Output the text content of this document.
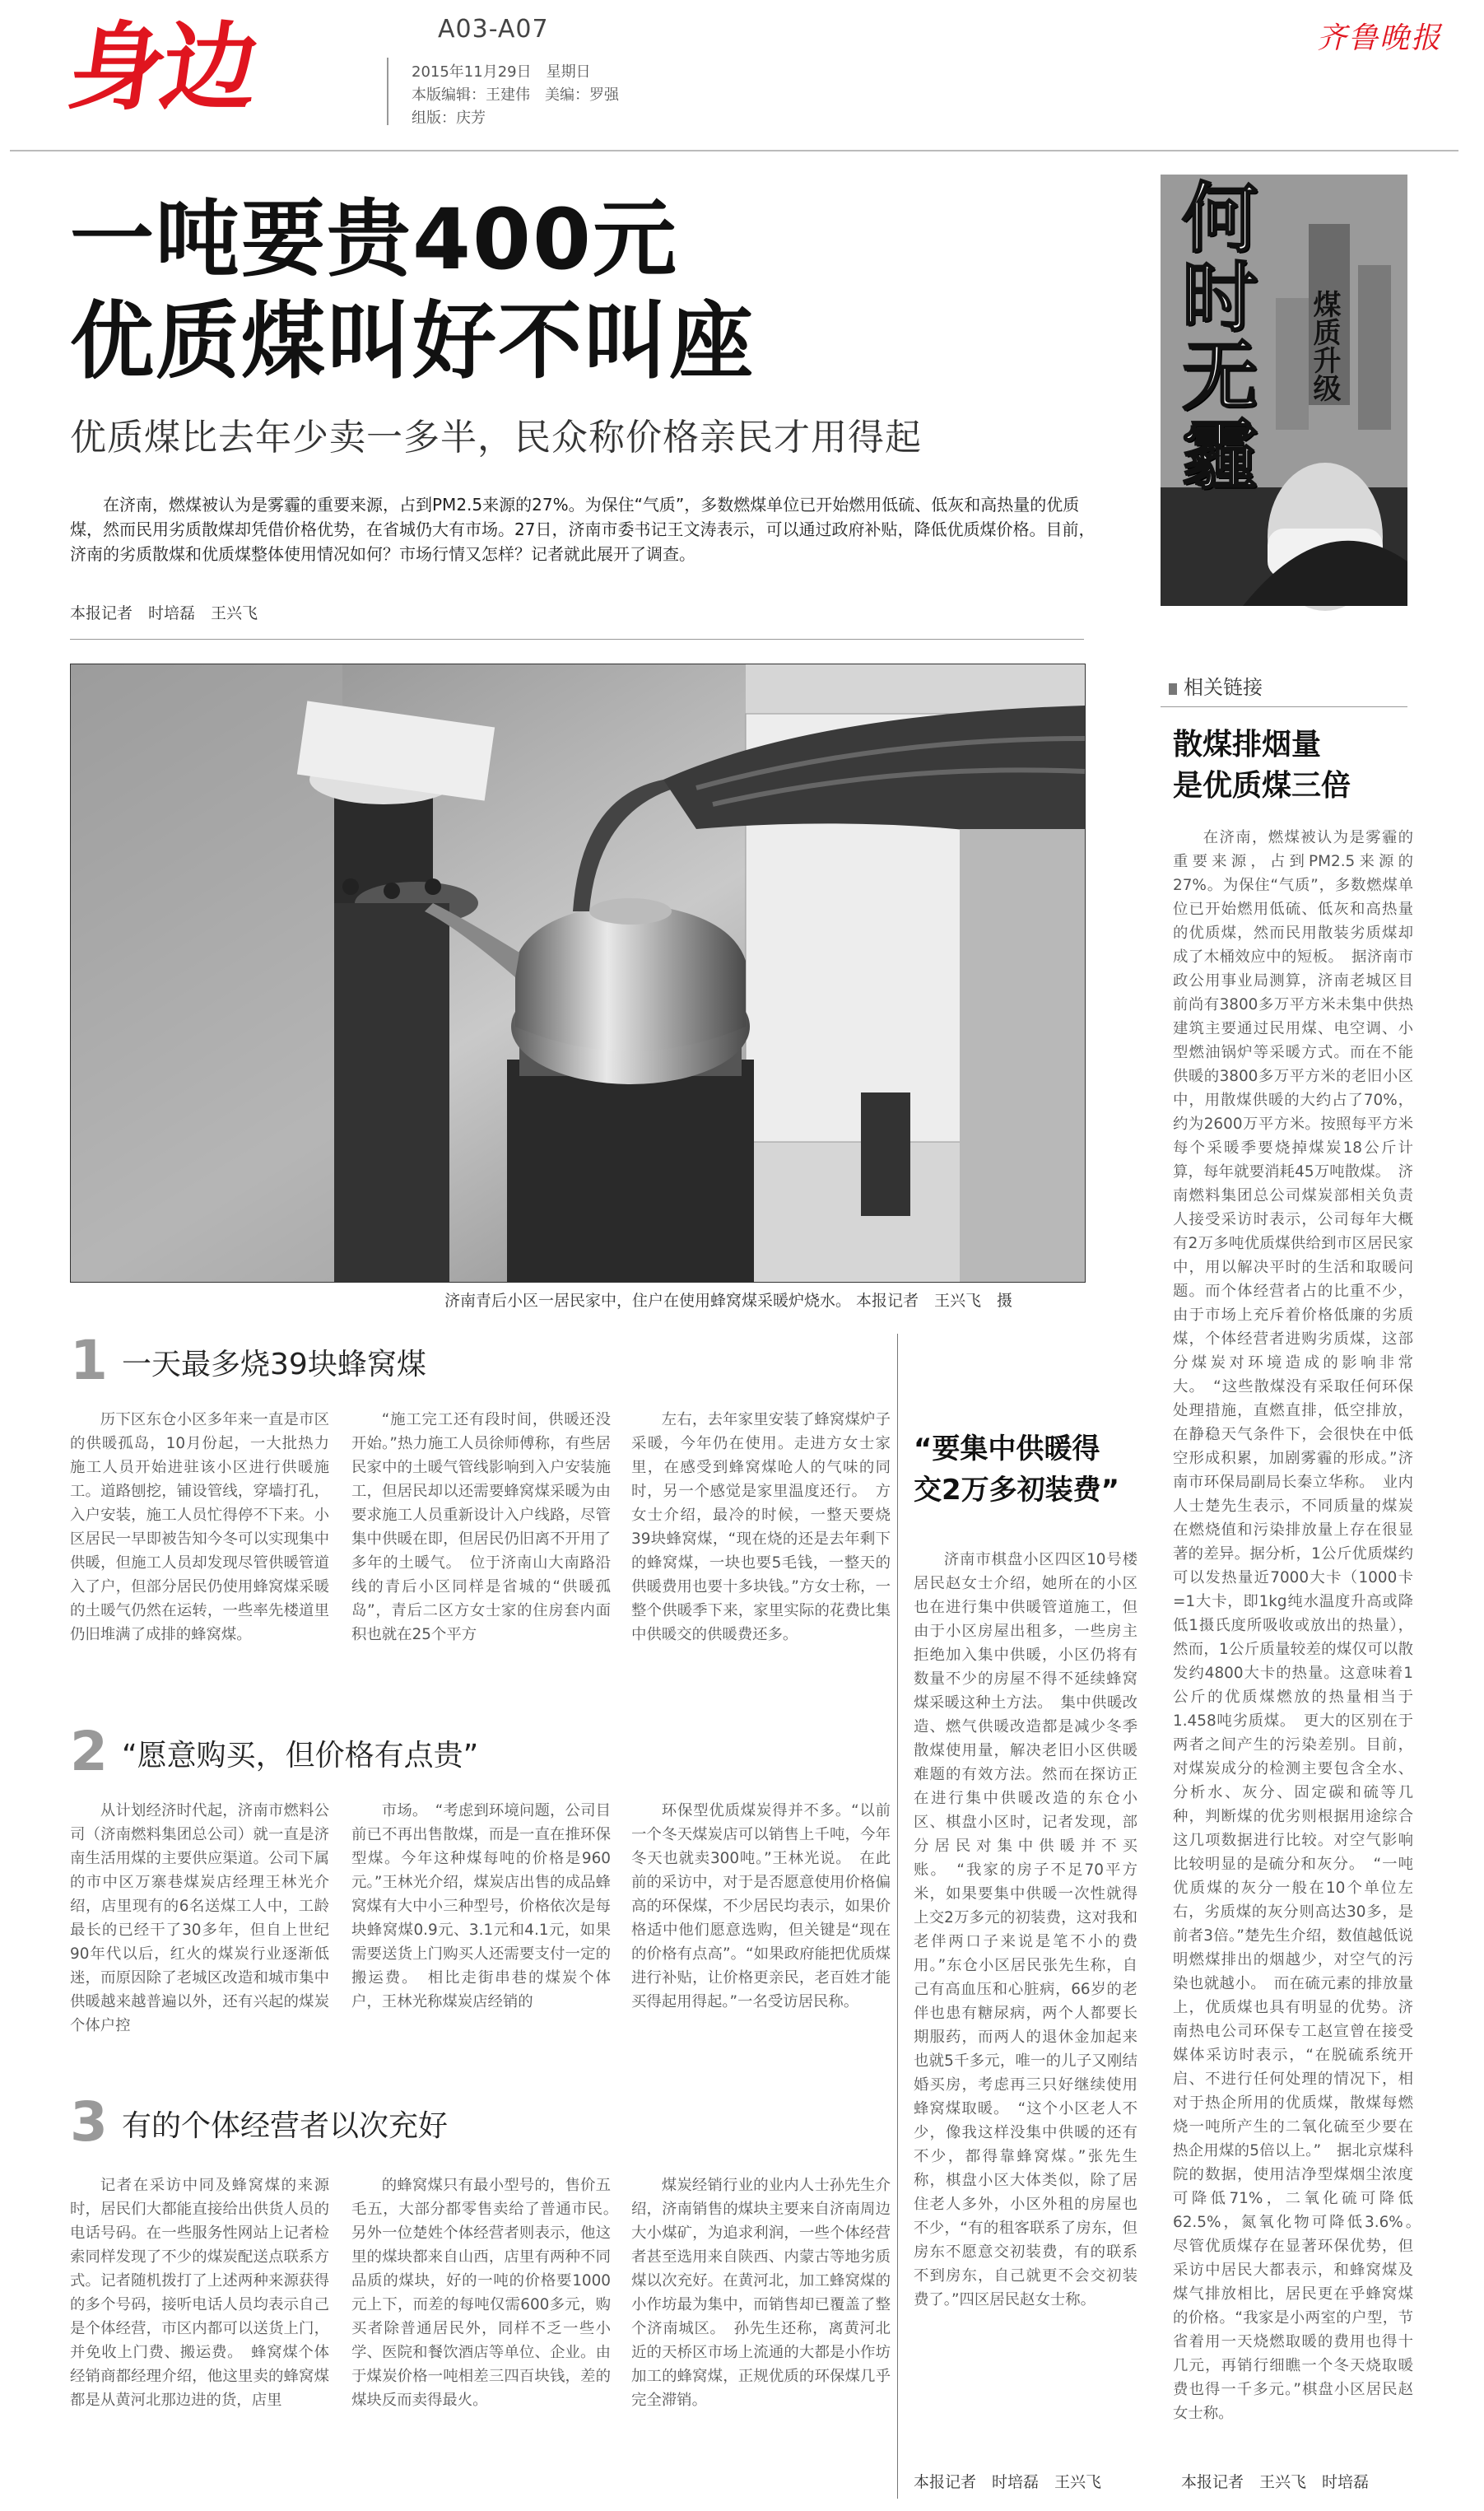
身边	A03-A07
2015年11月29日　星期日
本版编辑：王建伟　美编：罗强
组版：庆芳
齐鲁晚报
一吨要贵400元
优质煤叫好不叫座
优质煤比去年少卖一多半，民众称价格亲民才用得起
在济南，燃煤被认为是雾霾的重要来源，占到PM2.5来源的27%。为保住“气质”，多数燃煤单位已开始燃用低硫、低灰和高热量的优质煤，然而民用劣质散煤却凭借价格优势，在省城仍大有市场。27日，济南市委书记王文涛表示，可以通过政府补贴，降低优质煤价格。目前，济南的劣质散煤和优质煤整体使用情况如何？市场行情又怎样？记者就此展开了调查。
本报记者　时培磊　王兴飞
济南青后小区一居民家中，住户在使用蜂窝煤采暖炉烧水。 本报记者　王兴飞　摄
1 一天最多烧39块蜂窝煤
历下区东仓小区多年来一直是市区的供暖孤岛，10月份起，一大批热力施工人员开始进驻该小区进行供暖施工。道路刨挖，铺设管线，穿墙打孔，入户安装，施工人员忙得停不下来。小区居民一早即被告知今冬可以实现集中供暖，但施工人员却发现尽管供暖管道入了户，但部分居民仍使用蜂窝煤采暖的土暖气仍然在运转，一些率先楼道里仍旧堆满了成排的蜂窝煤。
“施工完工还有段时间，供暖还没开始。”热力施工人员徐师傅称，有些居民家中的土暖气管线影响到入户安装施工，但居民却以还需要蜂窝煤采暖为由要求施工人员重新设计入户线路，尽管集中供暖在即，但居民仍旧离不开用了多年的土暖气。　位于济南山大南路沿线的青后小区同样是省城的“供暖孤岛”，青后二区方女士家的住房套内面积也就在25个平方
左右，去年家里安装了蜂窝煤炉子采暖，今年仍在使用。走进方女士家里，在感受到蜂窝煤呛人的气味的同时，另一个感觉是家里温度还行。　方女士介绍，最冷的时候，一整天要烧39块蜂窝煤，“现在烧的还是去年剩下的蜂窝煤，一块也要5毛钱，一整天的供暖费用也要十多块钱。”方女士称，一整个供暖季下来，家里实际的花费比集中供暖交的供暖费还多。
2 “愿意购买，但价格有点贵”
从计划经济时代起，济南市燃料公司（济南燃料集团总公司）就一直是济南生活用煤的主要供应渠道。公司下属的市中区万寨巷煤炭店经理王林光介绍，店里现有的6名送煤工人中，工龄最长的已经干了30多年，但自上世纪90年代以后，红火的煤炭行业逐渐低迷，而原因除了老城区改造和城市集中供暖越来越普遍以外，还有兴起的煤炭个体户控
市场。　“考虑到环境问题，公司目前已不再出售散煤，而是一直在推环保型煤。今年这种煤每吨的价格是960元。”王林光介绍，煤炭店出售的成品蜂窝煤有大中小三种型号，价格依次是每块蜂窝煤0.9元、3.1元和4.1元，如果需要送货上门购买人还需要支付一定的搬运费。　相比走街串巷的煤炭个体户，王林光称煤炭店经销的
环保型优质煤炭得并不多。“以前一个冬天煤炭店可以销售上千吨，今年冬天也就卖300吨。”王林光说。　在此前的采访中，对于是否愿意使用价格偏高的环保煤，不少居民均表示，如果价格适中他们愿意选购，但关键是“现在的价格有点高”。“如果政府能把优质煤进行补贴，让价格更亲民，老百姓才能买得起用得起。”一名受访居民称。
3 有的个体经营者以次充好
记者在采访中同及蜂窝煤的来源时，居民们大都能直接给出供货人员的电话号码。在一些服务性网站上记者检索同样发现了不少的煤炭配送点联系方式。记者随机拨打了上述两种来源获得的多个号码，接听电话人员均表示自己是个体经营，市区内都可以送货上门，并免收上门费、搬运费。　蜂窝煤个体经销商都经理介绍，他这里卖的蜂窝煤都是从黄河北那边进的货，店里
的蜂窝煤只有最小型号的，售价五毛五，大部分都零售卖给了普通市民。　另外一位楚姓个体经营者则表示，他这里的煤块都来自山西，店里有两种不同品质的煤块，好的一吨的价格要1000元上下，而差的每吨仅需600多元，购买者除普通居民外，同样不乏一些小学、医院和餐饮酒店等单位、企业。由于煤炭价格一吨相差三四百块钱，差的煤块反而卖得最火。
煤炭经销行业的业内人士孙先生介绍，济南销售的煤块主要来自济南周边大小煤矿，为追求利润，一些个体经营者甚至选用来自陕西、内蒙古等地劣质煤以次充好。在黄河北，加工蜂窝煤的小作坊最为集中，而销售却已覆盖了整个济南城区。　孙先生还称，离黄河北近的天桥区市场上流通的大都是小作坊加工的蜂窝煤，正规优质的环保煤几乎完全滞销。
“要集中供暖得
交2万多初装费”

济南市棋盘小区四区10号楼居民赵女士介绍，她所在的小区也在进行集中供暖管道施工，但由于小区房屋出租多，一些房主拒绝加入集中供暖，小区仍将有数量不少的房屋不得不延续蜂窝煤采暖这种土方法。　集中供暖改造、燃气供暖改造都是减少冬季散煤使用量，解决老旧小区供暖难题的有效方法。然而在探访正在进行集中供暖改造的东仓小区、棋盘小区时，记者发现，部分居民对集中供暖并不买账。　“我家的房子不足70平方米，如果要集中供暖一次性就得上交2万多元的初装费，这对我和老伴两口子来说是笔不小的费用。”东仓小区居民张先生称，自己有高血压和心脏病，66岁的老伴也患有糖尿病，两个人都要长期服药，而两人的退休金加起来也就5千多元，唯一的儿子又刚结婚买房，考虑再三只好继续使用蜂窝煤取暖。　“这个小区老人不少，像我这样没集中供暖的还有不少，都得靠蜂窝煤。”张先生称，棋盘小区大体类似，除了居住老人多外，小区外租的房屋也不少，“有的租客联系了房东，但房东不愿意交初装费，有的联系不到房东，自己就更不会交初装费了。”四区居民赵女士称。

本报记者　时培磊　王兴飞
何时无霾 煤质升级
相关链接
散煤排烟量
是优质煤三倍

在济南，燃煤被认为是雾霾的重要来源，占到PM2.5来源的27%。为保住“气质”，多数燃煤单位已开始燃用低硫、低灰和高热量的优质煤，然而民用散装劣质煤却成了木桶效应中的短板。　据济南市政公用事业局测算，济南老城区目前尚有3800多万平方米未集中供热建筑主要通过民用煤、电空调、小型燃油锅炉等采暖方式。而在不能供暖的3800多万平方米的老旧小区中，用散煤供暖的大约占了70%，约为2600万平方米。按照每平方米每个采暖季要烧掉煤炭18公斤计算，每年就要消耗45万吨散煤。　济南燃料集团总公司煤炭部相关负责人接受采访时表示，公司每年大概有2万多吨优质煤供给到市区居民家中，用以解决平时的生活和取暖问题。而个体经营者占的比重不少，由于市场上充斥着价格低廉的劣质煤，个体经营者进购劣质煤，这部分煤炭对环境造成的影响非常大。　“这些散煤没有采取任何环保处理措施，直燃直排，低空排放，在静稳天气条件下，会很快在中低空形成积累，加剧雾霾的形成。”济南市环保局副局长秦立华称。　业内人士楚先生表示，不同质量的煤炭在燃烧值和污染排放量上存在很显著的差异。据分析，1公斤优质煤约可以发热量近7000大卡（1000卡=1大卡，即1kg纯水温度升高或降低1摄氏度所吸收或放出的热量），然而，1公斤质量较差的煤仅可以散发约4800大卡的热量。这意味着1公斤的优质煤燃放的热量相当于1.458吨劣质煤。　更大的区别在于两者之间产生的污染差别。目前，对煤炭成分的检测主要包含全水、分析水、灰分、固定碳和硫等几种，判断煤的优劣则根据用途综合这几项数据进行比较。对空气影响比较明显的是硫分和灰分。　“一吨优质煤的灰分一般在10个单位左右，劣质煤的灰分则高达30多，是前者3倍。”楚先生介绍，数值越低说明燃煤排出的烟越少，对空气的污染也就越小。　而在硫元素的排放量上，优质煤也具有明显的优势。济南热电公司环保专工赵宣曾在接受媒体采访时表示，“在脱硫系统开启、不进行任何处理的情况下，相对于热企所用的优质煤，散煤每燃烧一吨所产生的二氧化硫至少要在热企用煤的5倍以上。”　据北京煤科院的数据，使用洁净型煤烟尘浓度可降低71%，二氧化硫可降低62.5%，氮氧化物可降低3.6%。　尽管优质煤存在显著环保优势，但采访中居民大都表示，和蜂窝煤及煤气排放相比，居民更在乎蜂窝煤的价格。“我家是小两室的户型，节省着用一天烧燃取暖的费用也得十几元，再销行细瞧一个冬天烧取暖费也得一千多元。”棋盘小区居民赵女士称。

本报记者　王兴飞　时培磊
